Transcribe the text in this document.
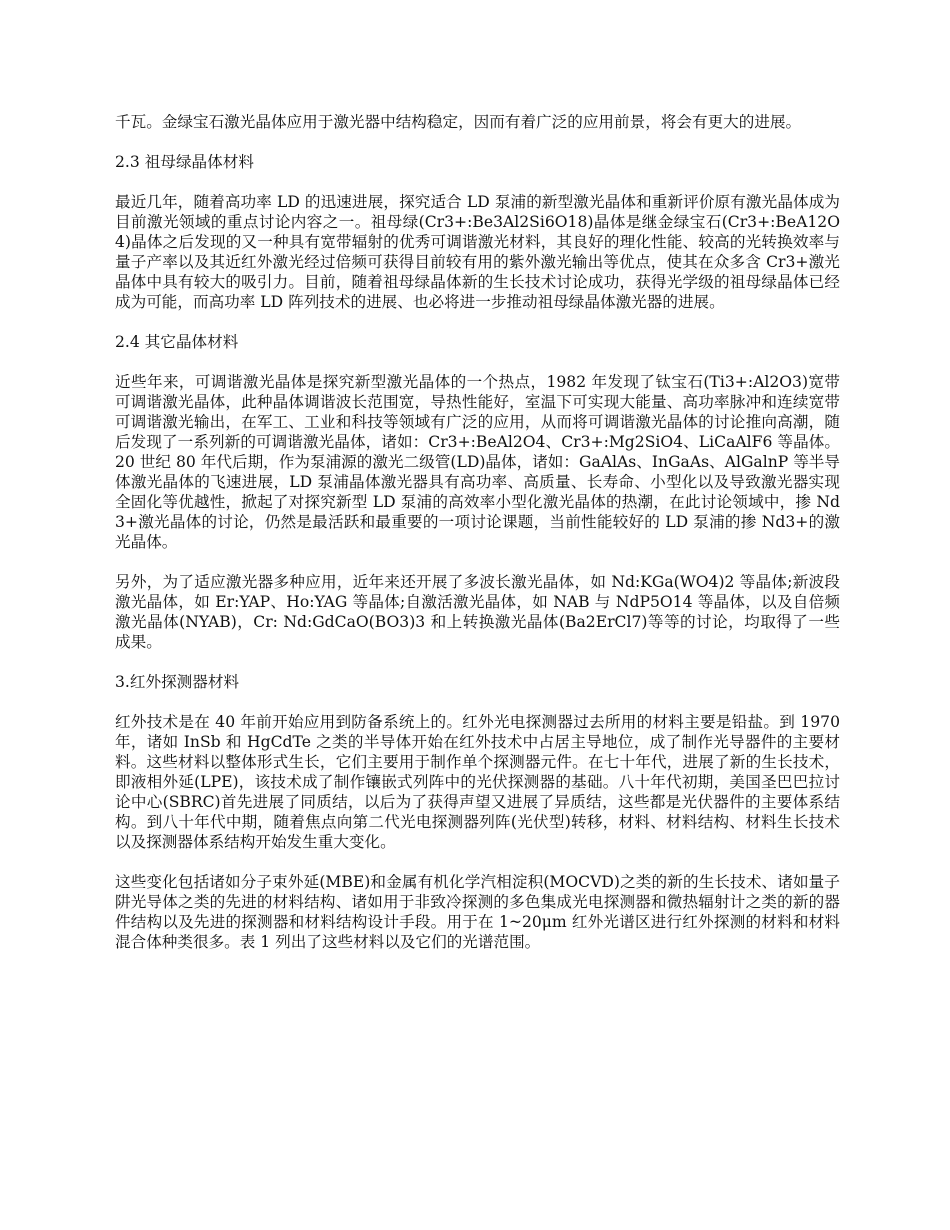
千瓦。金绿宝石激光晶体应用于激光器中结构稳定，因而有着广泛的应用前景，将会有更大的进展。

2.3 祖母绿晶体材料

最近几年，随着高功率 LD 的迅速进展，探究适合 LD 泵浦的新型激光晶体和重新评价原有激光晶体成为目前激光领域的重点讨论内容之一。祖母绿(Cr3+:Be3Al2Si6O18)晶体是继金绿宝石(Cr3+:BeA12O4)晶体之后发现的又一种具有宽带辐射的优秀可调谐激光材料，其良好的理化性能、较高的光转换效率与量子产率以及其近红外激光经过倍频可获得目前较有用的紫外激光输出等优点，使其在众多含 Cr3+激光晶体中具有较大的吸引力。目前，随着祖母绿晶体新的生长技术讨论成功，获得光学级的祖母绿晶体已经成为可能，而高功率 LD 阵列技术的进展、也必将进一步推动祖母绿晶体激光器的进展。

2.4 其它晶体材料

近些年来，可调谐激光晶体是探究新型激光晶体的一个热点，1982 年发现了钛宝石(Ti3+:Al2O3)宽带可调谐激光晶体，此种晶体调谐波长范围宽，导热性能好，室温下可实现大能量、高功率脉冲和连续宽带可调谐激光输出，在军工、工业和科技等领域有广泛的应用，从而将可调谐激光晶体的讨论推向高潮，随后发现了一系列新的可调谐激光晶体，诸如：Cr3+:BeAl2O4、Cr3+:Mg2SiO4、LiCaAlF6 等晶体。20 世纪 80 年代后期，作为泵浦源的激光二级管(LD)晶体，诸如：GaAlAs、InGaAs、AlGalnP 等半导体激光晶体的飞速进展，LD 泵浦晶体激光器具有高功率、高质量、长寿命、小型化以及导致激光器实现全固化等优越性，掀起了对探究新型 LD 泵浦的高效率小型化激光晶体的热潮，在此讨论领域中，掺 Nd3+激光晶体的讨论，仍然是最活跃和最重要的一项讨论课题，当前性能较好的 LD 泵浦的掺 Nd3+的激光晶体。

另外，为了适应激光器多种应用，近年来还开展了多波长激光晶体，如 Nd:KGa(WO4)2 等晶体;新波段激光晶体，如 Er:YAP、Ho:YAG 等晶体;自激活激光晶体，如 NAB 与 NdP5O14 等晶体，以及自倍频激光晶体(NYAB)，Cr: Nd:GdCaO(BO3)3 和上转换激光晶体(Ba2ErCl7)等等的讨论，均取得了一些成果。

3.红外探测器材料

红外技术是在 40 年前开始应用到防备系统上的。红外光电探测器过去所用的材料主要是铅盐。到 1970 年，诸如 InSb 和 HgCdTe 之类的半导体开始在红外技术中占居主导地位，成了制作光导器件的主要材料。这些材料以整体形式生长，它们主要用于制作单个探测器元件。在七十年代，进展了新的生长技术，即液相外延(LPE)，该技术成了制作镶嵌式列阵中的光伏探测器的基础。八十年代初期，美国圣巴巴拉讨论中心(SBRC)首先进展了同质结，以后为了获得声望又进展了异质结，这些都是光伏器件的主要体系结构。到八十年代中期，随着焦点向第二代光电探测器列阵(光伏型)转移，材料、材料结构、材料生长技术以及探测器体系结构开始发生重大变化。

这些变化包括诸如分子束外延(MBE)和金属有机化学汽相淀积(MOCVD)之类的新的生长技术、诸如量子阱光导体之类的先进的材料结构、诸如用于非致冷探测的多色集成光电探测器和微热辐射计之类的新的器件结构以及先进的探测器和材料结构设计手段。用于在 1~20μm 红外光谱区进行红外探测的材料和材料混合体种类很多。表 1 列出了这些材料以及它们的光谱范围。
